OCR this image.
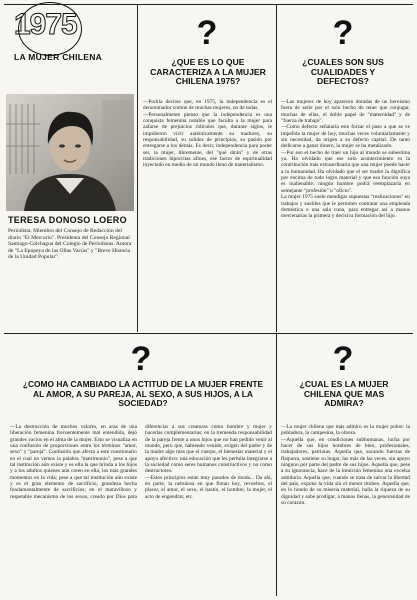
1975
LA MUJER CHILENA
TERESA DONOSO LOERO
Periodista. Miembro del Consejo de Redacción del diario "El Mercurio". Presidenta del Consejo Regional Santiago-Colchagua del Colegio de Periodistas. Autora de "La Epopeya de las Ollas Vacías" y "Breve Historia de la Unidad Popular".
?
¿QUE ES LO QUE CARACTERIZA A LA MUJER CHILENA 1975?

—Podría decirse que, en 1975, la independencia es el denominador común de muchas mujeres, no de todas.

—Personalmente pienso que la independencia es una conquista femenina notable que faculta a la mujer para zafarse de prejuicios ridículos que, durante siglos, le impidieron vivir auténticamente su madurez, su responsabilidad, su solidez de principios, su pasión por entregarse a los demás. Es decir, independencia para poder ser, la mujer, libremente, del "qué dirán" y de otras tradiciones hipócritas afines, ese factor de espiritualidad inyectado en medio de un mundo lleno de materialismo.

?
¿CUALES SON SUS CUALIDADES Y DEFECTOS?

—Las mujeres de hoy aparecen dotadas de un heroísmo fuera de serie por el solo hecho de tener que conjugar, muchas de ellas, el doble papel de "maternidad" y de "fuerza de trabajo".

—Como defecto señalaría este forzar el paso a que se ve impelida la mujer de hoy, muchas veces voluntariamente y sin necesidad, da origen a su defecto capital. De tanto dedicarse a ganar dinero, la mujer se ha metalizado.

—Por eso el hecho de traer un hijo al mundo se subestima ya. Ha olvidado que ese solo acontecimiento es la contribución más extraordinaria que una mujer puede hacer a la humanidad. Ha olvidado que el ser madre la dignifica por encima de todo logro material y que esa función suya es inalienable: ningún hombre podrá reemplazarla en semejante "profesión" u "oficio".

La mujer 1975 suele mendigar supuestas "realizaciones" en trabajos y sueldos que le permiten contratar una empleada doméstica o una sala cuna, para entregar así a manos mercenarias la primera y decisiva formación del hijo.

?
¿COMO HA CAMBIADO LA ACTITUD DE LA MUJER FRENTE AL AMOR, A SU PAREJA, AL SEXO, A SUS HIJOS, A LA SOCIEDAD?

—La destrucción de muchos valores, en aras de una liberación femenina frecuentemente mal entendida, dejó grandes vacíos en el alma de la mujer. Esto se visualiza en una confusión de proporciones entre los términos "amor, sexo" y "pareja". Confusión que afecta a este cuestionario en el cual no vemos la palabra "matrimonio", pese a que tal institución aún existe y es ella la que brinda a los hijos y a los adultos quienes aún creen en ella, los más grandes momentos en la vida; pese a que tal institución aún existe y es el gran elemento de sacrificio, grandeza hecha fundamentalmente de sacrificios; en el maravilloso y respetable mecanismo de los sexos, creado por Dios para diferenciar a sus creaturas como hombre y mujer y hacerlas complementarias; en la tremenda responsabilidad de la pareja frente a unos hijos que no han pedido venir al mundo, pero que, habiendo venido, exigen del padre y de la madre algo más que el cuerpo, el bienestar material y el apoyo afectivo: una educación que les permita integrarse a la sociedad como seres humanos constructivos y no como destructores.

—Estos principios están muy pasados de moda... Da ahí, en parte, la nebulosa en que flotan hoy, revueltos, el placer, el amor, el sexo, el hastío, el hombre, la mujer, el acto de engendrar, etc.

?
¿CUAL ES LA MUJER CHILENA QUE MAS ADMIRA?

—La mujer chilena que más admiro es la mujer pobre: la pobladora, la campesina, la obrera.

—Aquella que, en condiciones subhumanas, lucha por hacer de sus hijos hombres de bien, profesionales, trabajadores, patriotas. Aquella que, sacando fuerzas de flaqueza, sostiene su hogar, las más de las veces, sin apoyo ninguno por parte del padre de sus hijos. Aquella que, pese a su ignorancia, hace de la intuición femenina una excelsa sabiduría. Aquella que, cuando se trata de salvar la libertad del país, expone la vida sin el menor titubeo. Aquella que, en lo hondo de su miseria material, halla la riqueza de su dignidad y sabe prodigar, a manos llenas, la generosidad de su corazón.
